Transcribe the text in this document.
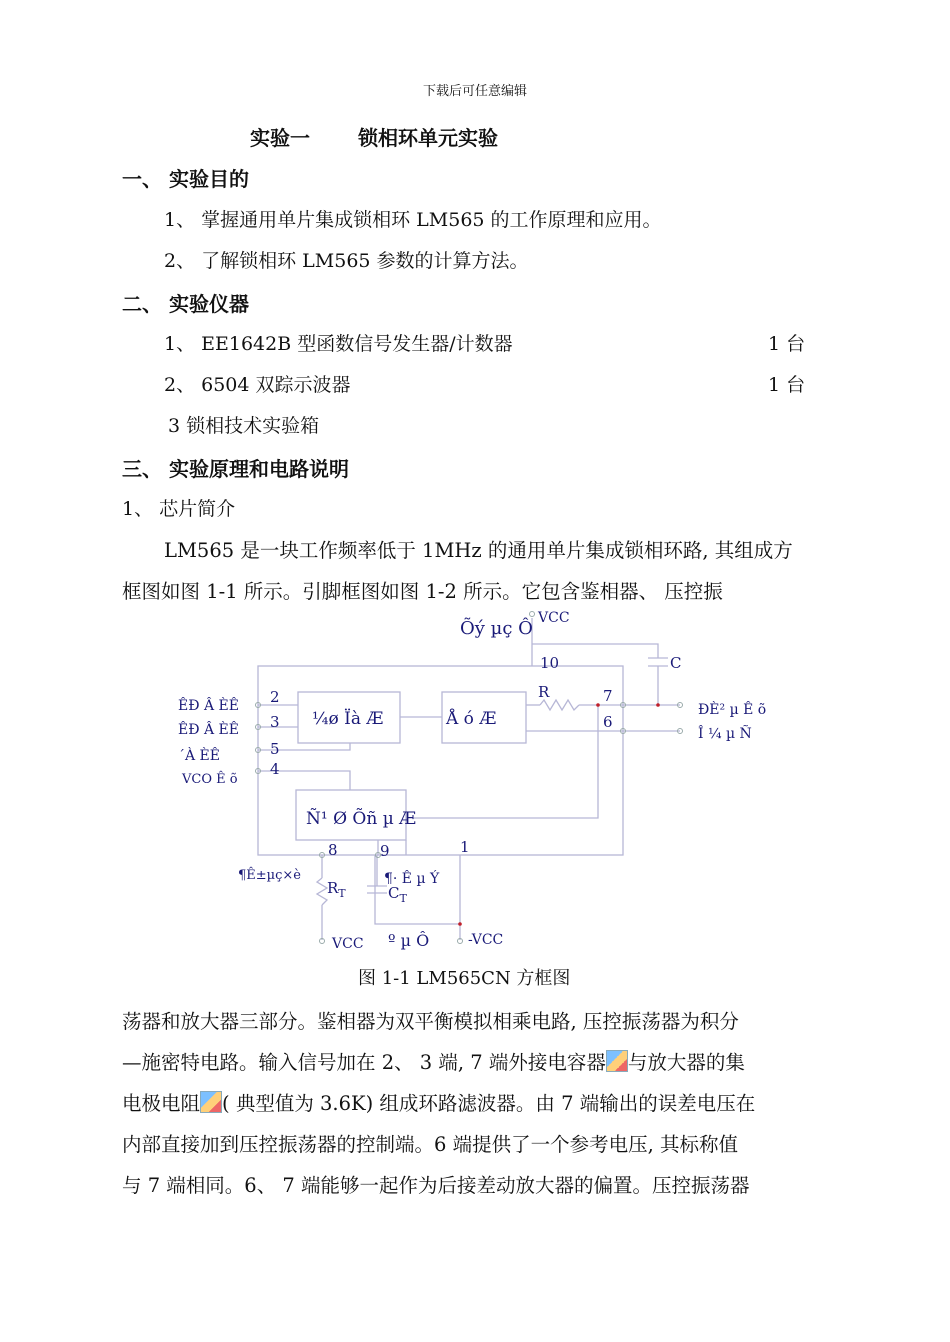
下载后可任意编辑
实验一 锁相环单元实验
一、 实验目的
1、 掌握通用单片集成锁相环 LM565 的工作原理和应用。
2、 了解锁相环 LM565 参数的计算方法。
二、 实验仪器
1、 EE1642B 型函数信号发生器/计数器	1 台
2、 6504 双踪示波器	1 台
3 锁相技术实验箱
三、 实验原理和电路说明
1、 芯片简介
LM565 是一块工作频率低于 1MHz 的通用单片集成锁相环路, 其组成方
框图如图 1-1 所示。引脚框图如图 1-2 所示。它包含鉴相器、 压控振
Õý µç Ô VCC
10
R
C
2
3
5
4
7
6
8	9	1
¼ø Ïà Æ	Å ó Æ
Ñ¹ Ø Õñ µ Æ
ÊÐ Â ÈÊ
ÊÐ Â ÈÊ
´À ÈÊ
VCO Ê õ
ÐÈ² µ Ê õ
Î ¼ µ Ñ
¶Ê±µç×è	¶· Ê µ Ý
$R_T$	$C_T$
VCC º µ Ô	-VCC
图 1-1 LM565CN 方框图
荡器和放大器三部分。鉴相器为双平衡模拟相乘电路, 压控振荡器为积分
—施密特电路。输入信号加在 2、 3 端, 7 端外接电容器 与放大器的集
电极电阻 ( 典型值为 3.6K) 组成环路滤波器。由 7 端输出的误差电压在
内部直接加到压控振荡器的控制端。6 端提供了一个参考电压, 其标称值
与 7 端相同。6、 7 端能够一起作为后接差动放大器的偏置。压控振荡器
